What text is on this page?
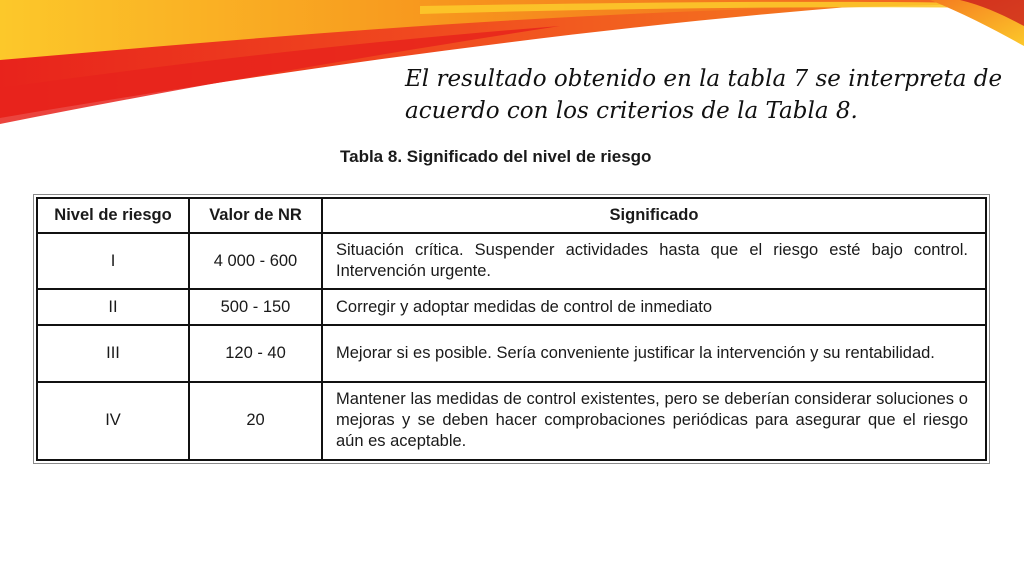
El resultado obtenido en la tabla 7 se interpreta de
acuerdo con los criterios de la Tabla 8.
Tabla 8. Significado del nivel de riesgo
Nivel de riesgo	Valor de NR	Significado
I	4 000 - 600	Situación crítica. Suspender actividades hasta que el riesgo esté bajo control. Intervención urgente.
II	500 - 150	Corregir y adoptar medidas de control de inmediato
III	120 - 40	Mejorar si es posible. Sería conveniente justificar la intervención y su rentabilidad.
IV	20	Mantener las medidas de control existentes, pero se deberían considerar soluciones o mejoras y se deben hacer comprobaciones periódicas para asegurar que el riesgo aún es aceptable.
